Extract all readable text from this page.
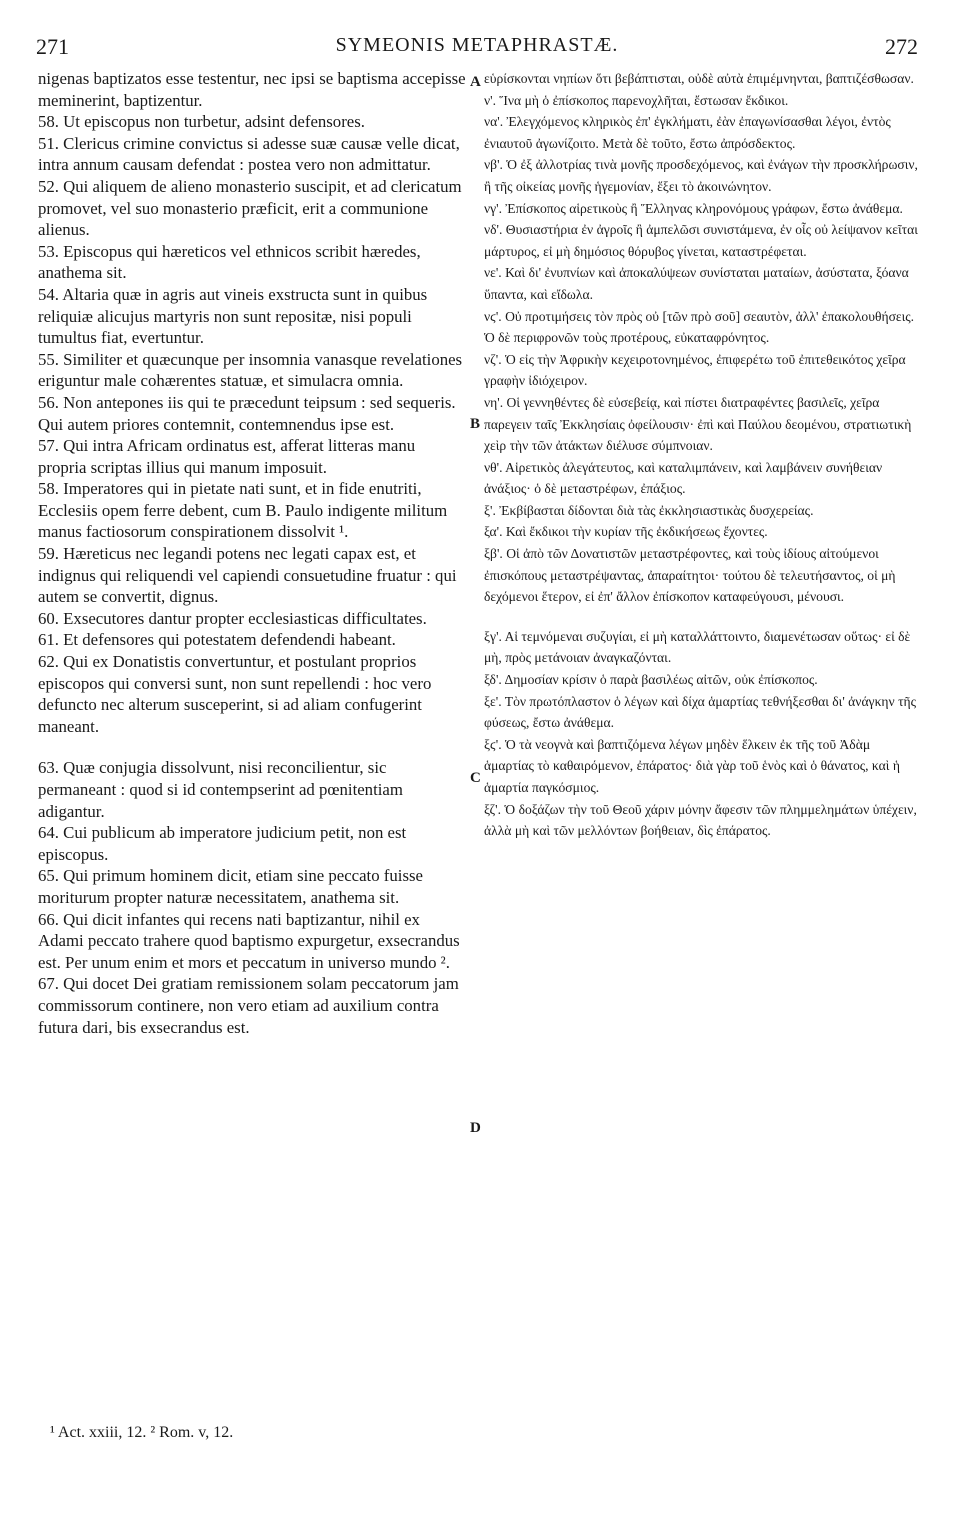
271	SYMEONIS METAPHRASTÆ.	272

nigenas baptizatos esse testentur, nec ipsi se baptisma accepisse meminerint, baptizentur.

58. Ut episcopus non turbetur, adsint defensores.

51. Clericus crimine convictus si adesse suæ causæ velle dicat, intra annum causam defendat : postea vero non admittatur.

52. Qui aliquem de alieno monasterio suscipit, et ad clericatum promovet, vel suo monasterio præficit, erit a communione alienus.

53. Episcopus qui hæreticos vel ethnicos scribit hæredes, anathema sit.

54. Altaria quæ in agris aut vineis exstructa sunt in quibus reliquiæ alicujus martyris non sunt repositæ, nisi populi tumultus fiat, evertuntur.

55. Similiter et quæcunque per insomnia vanasque revelationes eriguntur male cohærentes statuæ, et simulacra omnia.

56. Non antepones iis qui te præcedunt teipsum : sed sequeris. Qui autem priores contemnit, contemnendus ipse est.

57. Qui intra Africam ordinatus est, afferat litteras manu propria scriptas illius qui manum imposuit.

58. Imperatores qui in pietate nati sunt, et in fide enutriti, Ecclesiis opem ferre debent, cum B. Paulo indigente militum manus factiosorum conspirationem dissolvit ¹.

59. Hæreticus nec legandi potens nec legati capax est, et indignus qui reliquendi vel capiendi consuetudine fruatur : qui autem se convertit, dignus.

60. Exsecutores dantur propter ecclesiasticas difficultates.

61. Et defensores qui potestatem defendendi habeant.

62. Qui ex Donatistis convertuntur, et postulant proprios episcopos qui conversi sunt, non sunt repellendi : hoc vero defuncto nec alterum susceperint, si ad aliam confugerint maneant.

63. Quæ conjugia dissolvunt, nisi reconcilientur, sic permaneant : quod si id contempserint ad pœnitentiam adigantur.

64. Cui publicum ab imperatore judicium petit, non est episcopus.

65. Qui primum hominem dicit, etiam sine peccato fuisse moriturum propter naturæ necessitatem, anathema sit.

66. Qui dicit infantes qui recens nati baptizantur, nihil ex Adami peccato trahere quod baptismo expurgetur, exsecrandus est. Per unum enim et mors et peccatum in universo mundo ².

67. Qui docet Dei gratiam remissionem solam peccatorum jam commissorum continere, non vero etiam ad auxilium contra futura dari, bis exsecrandus est.

εὑρίσκονται νηπίων ὅτι βεβάπτισται, οὐδὲ αὐτὰ ἐπιμέμνηνται, βαπτιζέσθωσαν.

ν'. Ἵνα μὴ ὁ ἐπίσκοπος παρενοχλῆται, ἔστωσαν ἔκδικοι.

να'. Ἐλεγχόμενος κληρικὸς ἐπ' ἐγκλήματι, ἐὰν ἐπαγωνίσασθαι λέγοι, ἐντὸς ἐνιαυτοῦ ἀγωνίζοιτο. Μετὰ δὲ τοῦτο, ἔστω ἀπρόσδεκτος.

νβ'. Ὁ ἐξ ἀλλοτρίας τινὰ μονῆς προσδεχόμενος, καὶ ἐνάγων τὴν προσκλήρωσιν, ἢ τῆς οἰκείας μονῆς ἡγεμονίαν, ἕξει τὸ ἀκοινώνητον.

νγ'. Ἐπίσκοπος αἱρετικοὺς ἢ Ἕλληνας κληρονόμους γράφων, ἔστω ἀνάθεμα.

νδ'. Θυσιαστήρια ἐν ἀγροῖς ἢ ἀμπελῶσι συνιστάμενα, ἐν οἷς οὐ λείψανον κεῖται μάρτυρος, εἰ μὴ δημόσιος θόρυβος γίνεται, καταστρέφεται.

νε'. Καὶ δι' ἐνυπνίων καὶ ἀποκαλύψεων συνίσταται ματαίων, ἀσύστατα, ξόανα ὕπαντα, καὶ εἴδωλα.

νϛ'. Οὐ προτιμήσεις τὸν πρὸς οὐ [τῶν πρὸ σοῦ] σεαυτὸν, ἀλλ' ἐπακολουθήσεις. Ὁ δὲ περιφρονῶν τοὺς προτέρους, εὐκαταφρόνητος.

νζ'. Ὁ εἰς τὴν Ἀφρικὴν κεχειροτονημένος, ἐπιφερέτω τοῦ ἐπιτεθεικότος χεῖρα γραφὴν ἰδιόχειρον.

νη'. Οἱ γεννηθέντες δὲ εὐσεβείᾳ, καὶ πίστει διατραφέντες βασιλεῖς, χεῖρα παρεγειν ταῖς Ἐκκλησίαις ὀφείλουσιν· ἐπὶ καὶ Παύλου δεομένου, στρατιωτικὴ χεὶρ τὴν τῶν ἀτάκτων διέλυσε σύμπνοιαν.

νθ'. Αἱρετικὸς ἀλεγάτευτος, καὶ καταλιμπάνειν, καὶ λαμβάνειν συνήθειαν ἀνάξιος· ὁ δὲ μεταστρέφων, ἐπάξιος.

ξ'. Ἐκβίβασται δίδονται διὰ τὰς ἐκκλησιαστικὰς δυσχερείας.

ξα'. Καὶ ἔκδικοι τὴν κυρίαν τῆς ἐκδικήσεως ἔχοντες.

ξβ'. Οἱ ἀπὸ τῶν Δονατιστῶν μεταστρέφοντες, καὶ τοὺς ἰδίους αἰτούμενοι ἐπισκόπους μεταστρέψαντας, ἀπαραίτητοι· τούτου δὲ τελευτήσαντος, οἱ μὴ δεχόμενοι ἕτερον, εἰ ἐπ' ἄλλον ἐπίσκοπον καταφεύγουσι, μένουσι.

ξγ'. Αἱ τεμνόμεναι συζυγίαι, εἰ μὴ καταλλάττοιντο, διαμενέτωσαν οὕτως· εἰ δὲ μὴ, πρὸς μετάνοιαν ἀναγκαζόνται.

ξδ'. Δημοσίαν κρίσιν ὁ παρὰ βασιλέως αἰτῶν, οὐκ ἐπίσκοπος.

ξε'. Τὸν πρωτόπλαστον ὁ λέγων καὶ δίχα ἁμαρτίας τεθνήξεσθαι δι' ἀνάγκην τῆς φύσεως, ἔστω ἀνάθεμα.

ξϛ'. Ὁ τὰ νεογνὰ καὶ βαπτιζόμενα λέγων μηδὲν ἕλκειν ἐκ τῆς τοῦ Ἀδὰμ ἁμαρτίας τὸ καθαιρόμενον, ἐπάρατος· διὰ γὰρ τοῦ ἑνὸς καὶ ὁ θάνατος, καὶ ἡ ἁμαρτία παγκόσμιος.

ξζ'. Ὁ δοξάζων τὴν τοῦ Θεοῦ χάριν μόνην ἄφεσιν τῶν πλημμελημάτων ὑπέχειν, ἀλλὰ μὴ καὶ τῶν μελλόντων βοήθειαν, δὶς ἐπάρατος.

A
B
C
D
¹ Act. xxiii, 12. ² Rom. v, 12.
